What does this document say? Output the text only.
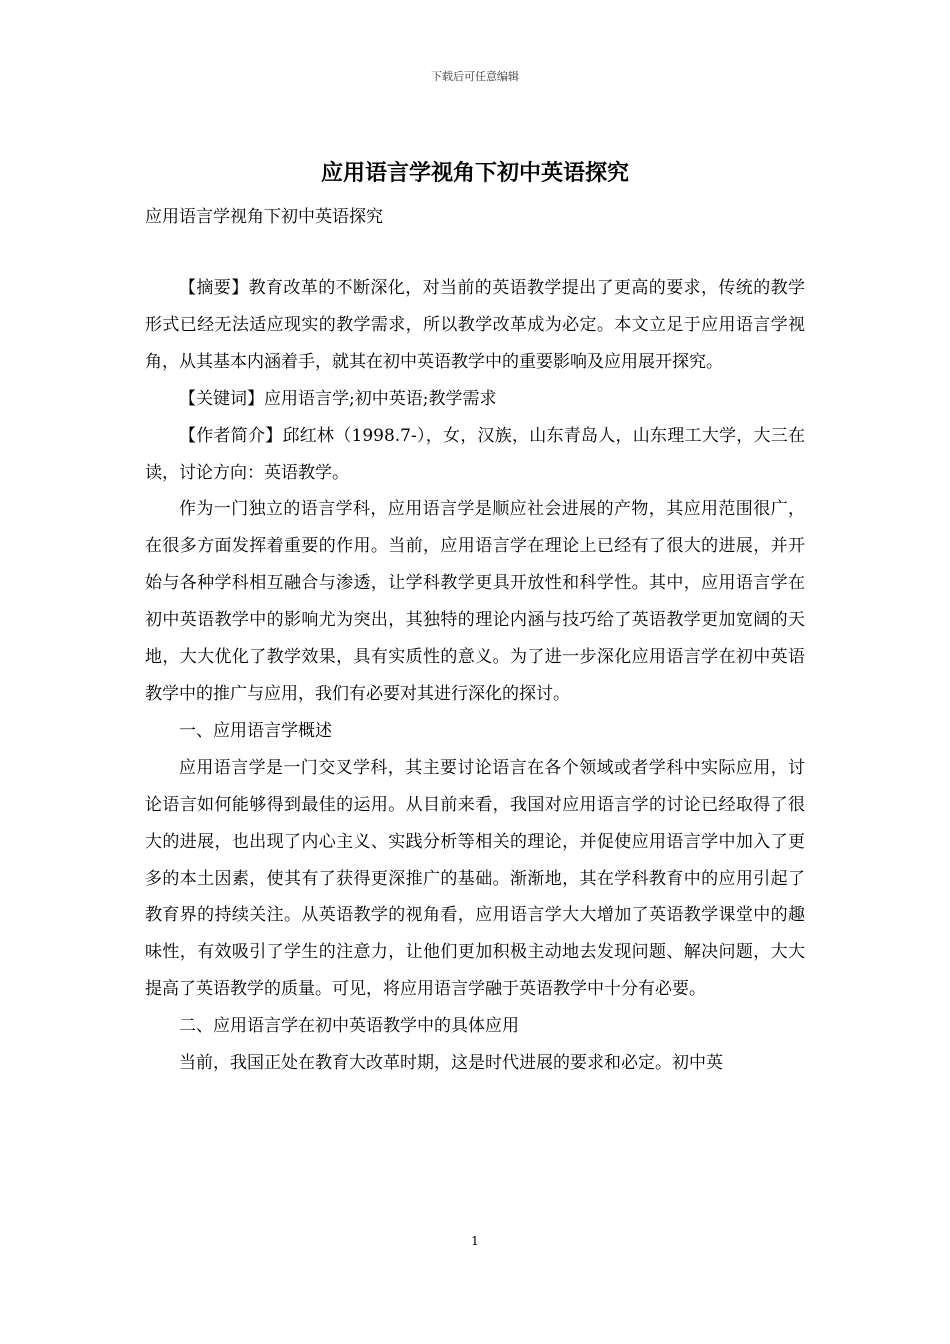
下载后可任意编辑
应用语言学视角下初中英语探究
应用语言学视角下初中英语探究

【摘要】教育改革的不断深化，对当前的英语教学提出了更高的要求，传统的教学形式已经无法适应现实的教学需求，所以教学改革成为必定。本文立足于应用语言学视角，从其基本内涵着手，就其在初中英语教学中的重要影响及应用展开探究。

【关键词】应用语言学;初中英语;教学需求

【作者简介】邱红林（1998.7-），女，汉族，山东青岛人，山东理工大学，大三在读，讨论方向：英语教学。

作为一门独立的语言学科，应用语言学是顺应社会进展的产物，其应用范围很广，在很多方面发挥着重要的作用。当前，应用语言学在理论上已经有了很大的进展，并开始与各种学科相互融合与渗透，让学科教学更具开放性和科学性。其中，应用语言学在初中英语教学中的影响尤为突出，其独特的理论内涵与技巧给了英语教学更加宽阔的天地，大大优化了教学效果，具有实质性的意义。为了进一步深化应用语言学在初中英语教学中的推广与应用，我们有必要对其进行深化的探讨。

一、应用语言学概述

应用语言学是一门交叉学科，其主要讨论语言在各个领域或者学科中实际应用，讨论语言如何能够得到最佳的运用。从目前来看，我国对应用语言学的讨论已经取得了很大的进展，也出现了内心主义、实践分析等相关的理论，并促使应用语言学中加入了更多的本土因素，使其有了获得更深推广的基础。渐渐地，其在学科教育中的应用引起了教育界的持续关注。从英语教学的视角看，应用语言学大大增加了英语教学课堂中的趣味性，有效吸引了学生的注意力，让他们更加积极主动地去发现问题、解决问题，大大提高了英语教学的质量。可见，将应用语言学融于英语教学中十分有必要。

二、应用语言学在初中英语教学中的具体应用

当前，我国正处在教育大改革时期，这是时代进展的要求和必定。初中英

1
